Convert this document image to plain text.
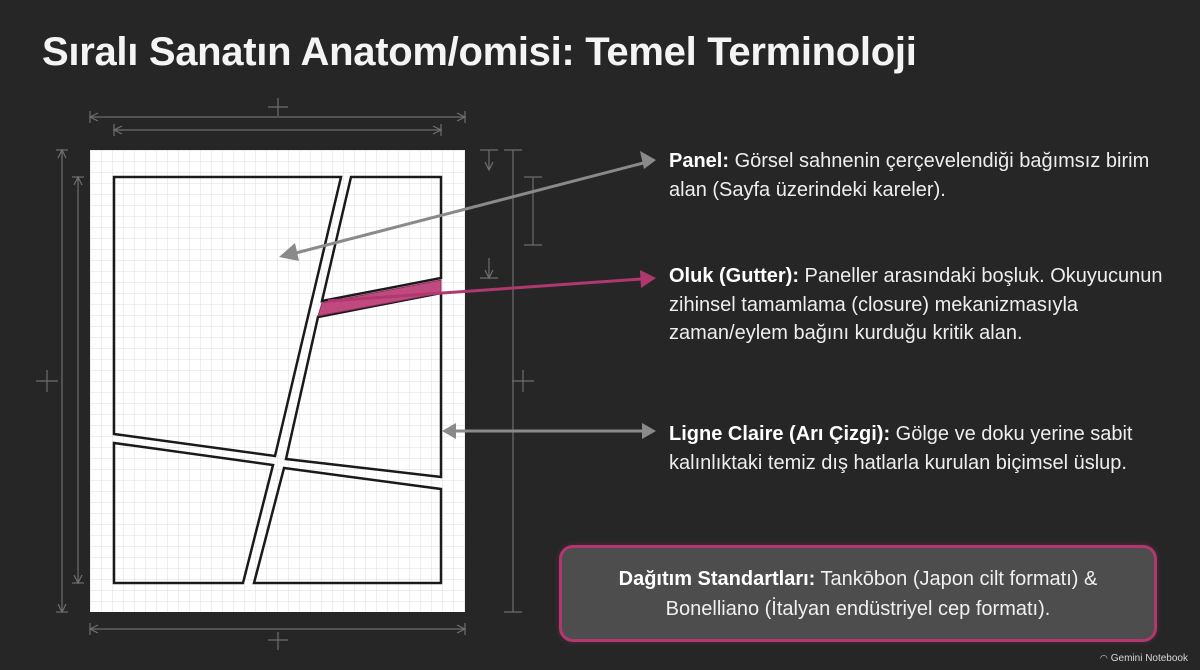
Sıralı Sanatın Anatom/omisi: Temel Terminoloji
Panel: Görsel sahnenin çerçevelendiği bağımsız birim alan (Sayfa üzerindeki kareler).
Oluk (Gutter): Paneller arasındaki boşluk. Okuyucunun zihinsel tamamlama (closure) mekanizmasıyla zaman/eylem bağını kurduğu kritik alan.
Ligne Claire (Arı Çizgi): Gölge ve doku yerine sabit kalınlıktaki temiz dış hatlarla kurulan biçimsel üslup.
Dağıtım Standartları: Tankōbon (Japon cilt formatı) & Bonelliano (İtalyan endüstriyel cep formatı).
◠ Gemini Notebook
